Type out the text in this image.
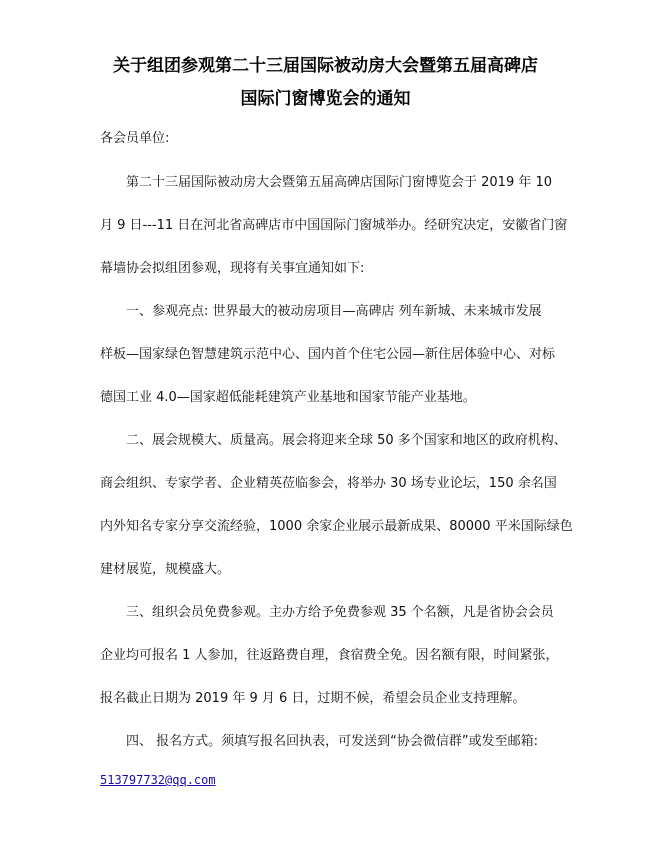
关于组团参观第二十三届国际被动房大会暨第五届高碑店
国际门窗博览会的通知
各会员单位:
第二十三届国际被动房大会暨第五届高碑店国际门窗博览会于 2019 年 10
月 9 日---11 日在河北省高碑店市中国国际门窗城举办。经研究决定，安徽省门窗
幕墙协会拟组团参观，现将有关事宜通知如下:
一、参观亮点: 世界最大的被动房项目—高碑店 列车新城、未来城市发展
样板—国家绿色智慧建筑示范中心、国内首个住宅公园—新住居体验中心、对标
德国工业 4.0—国家超低能耗建筑产业基地和国家节能产业基地。
二、展会规模大、质量高。展会将迎来全球 50 多个国家和地区的政府机构、
商会组织、专家学者、企业精英莅临参会，将举办 30 场专业论坛，150 余名国
内外知名专家分享交流经验，1000 余家企业展示最新成果、80000 平米国际绿色
建材展览，规模盛大。
三、组织会员免费参观。主办方给予免费参观 35 个名额，凡是省协会会员
企业均可报名 1 人参加，往返路费自理，食宿费全免。因名额有限，时间紧张，
报名截止日期为 2019 年 9 月 6 日，过期不候，希望会员企业支持理解。
四、 报名方式。须填写报名回执表，可发送到“协会微信群”或发至邮箱:
513797732@qq.com
